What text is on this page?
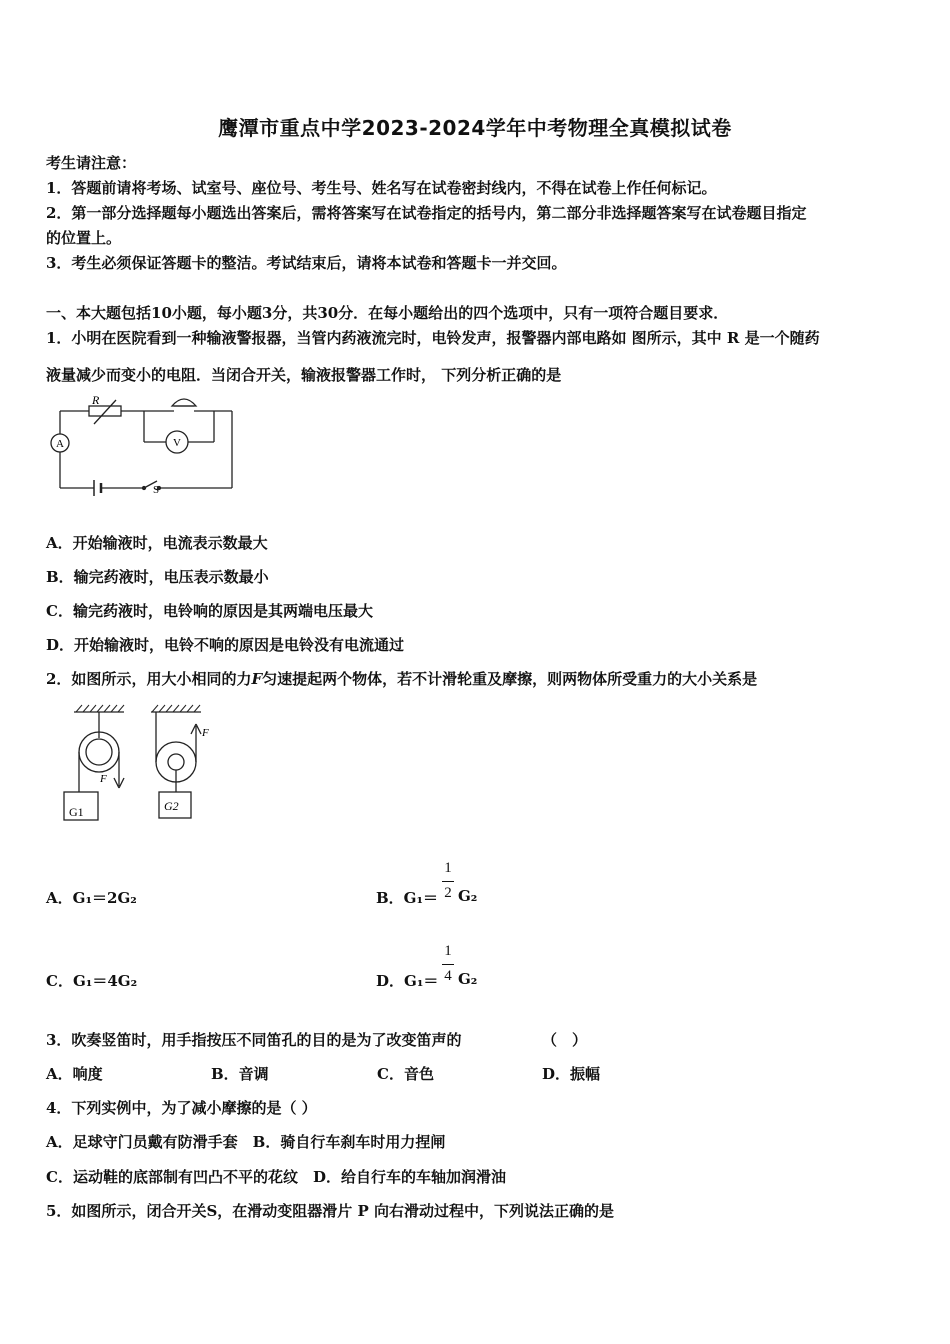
鹰潭市重点中学2023-2024学年中考物理全真模拟试卷
考生请注意：
1．答题前请将考场、试室号、座位号、考生号、姓名写在试卷密封线内，不得在试卷上作任何标记。
2．第一部分选择题每小题选出答案后，需将答案写在试卷指定的括号内，第二部分非选择题答案写在试卷题目指定
的位置上。
3．考生必须保证答题卡的整洁。考试结束后，请将本试卷和答题卡一并交回。
一、本大题包括10小题，每小题3分，共30分．在每小题给出的四个选项中，只有一项符合题目要求．
1．小明在医院看到一种输液警报器，当管内药液流完时，电铃发声，报警器内部电路如 图所示，其中 R 是一个随药
液量减少而变小的电阻．当闭合开关，输液报警器工作时， 下列分析正确的是
R
A	V
S
A．开始输液时，电流表示数最大
B．输完药液时，电压表示数最小
C．输完药液时，电铃响的原因是其两端电压最大
D．开始输液时，电铃不响的原因是电铃没有电流通过
2．如图所示，用大小相同的力F匀速提起两个物体，若不计滑轮重及摩擦，则两物体所受重力的大小关系是
F
F
G1	G2
A．G₁＝2G₂	B．G₁＝
1
2 G₂
C．G₁＝4G₂	D．G₁＝
1
4 G₂
3．吹奏竖笛时，用手指按压不同笛孔的目的是为了改变笛声的	（　）
A．响度	B．音调	C．音色	D．振幅
4．下列实例中，为了减小摩擦的是（ ）
A．足球守门员戴有防滑手套　B．骑自行车刹车时用力捏闸
C．运动鞋的底部制有凹凸不平的花纹　D．给自行车的车轴加润滑油
5．如图所示，闭合开关S，在滑动变阻器滑片 P 向右滑动过程中，下列说法正确的是
